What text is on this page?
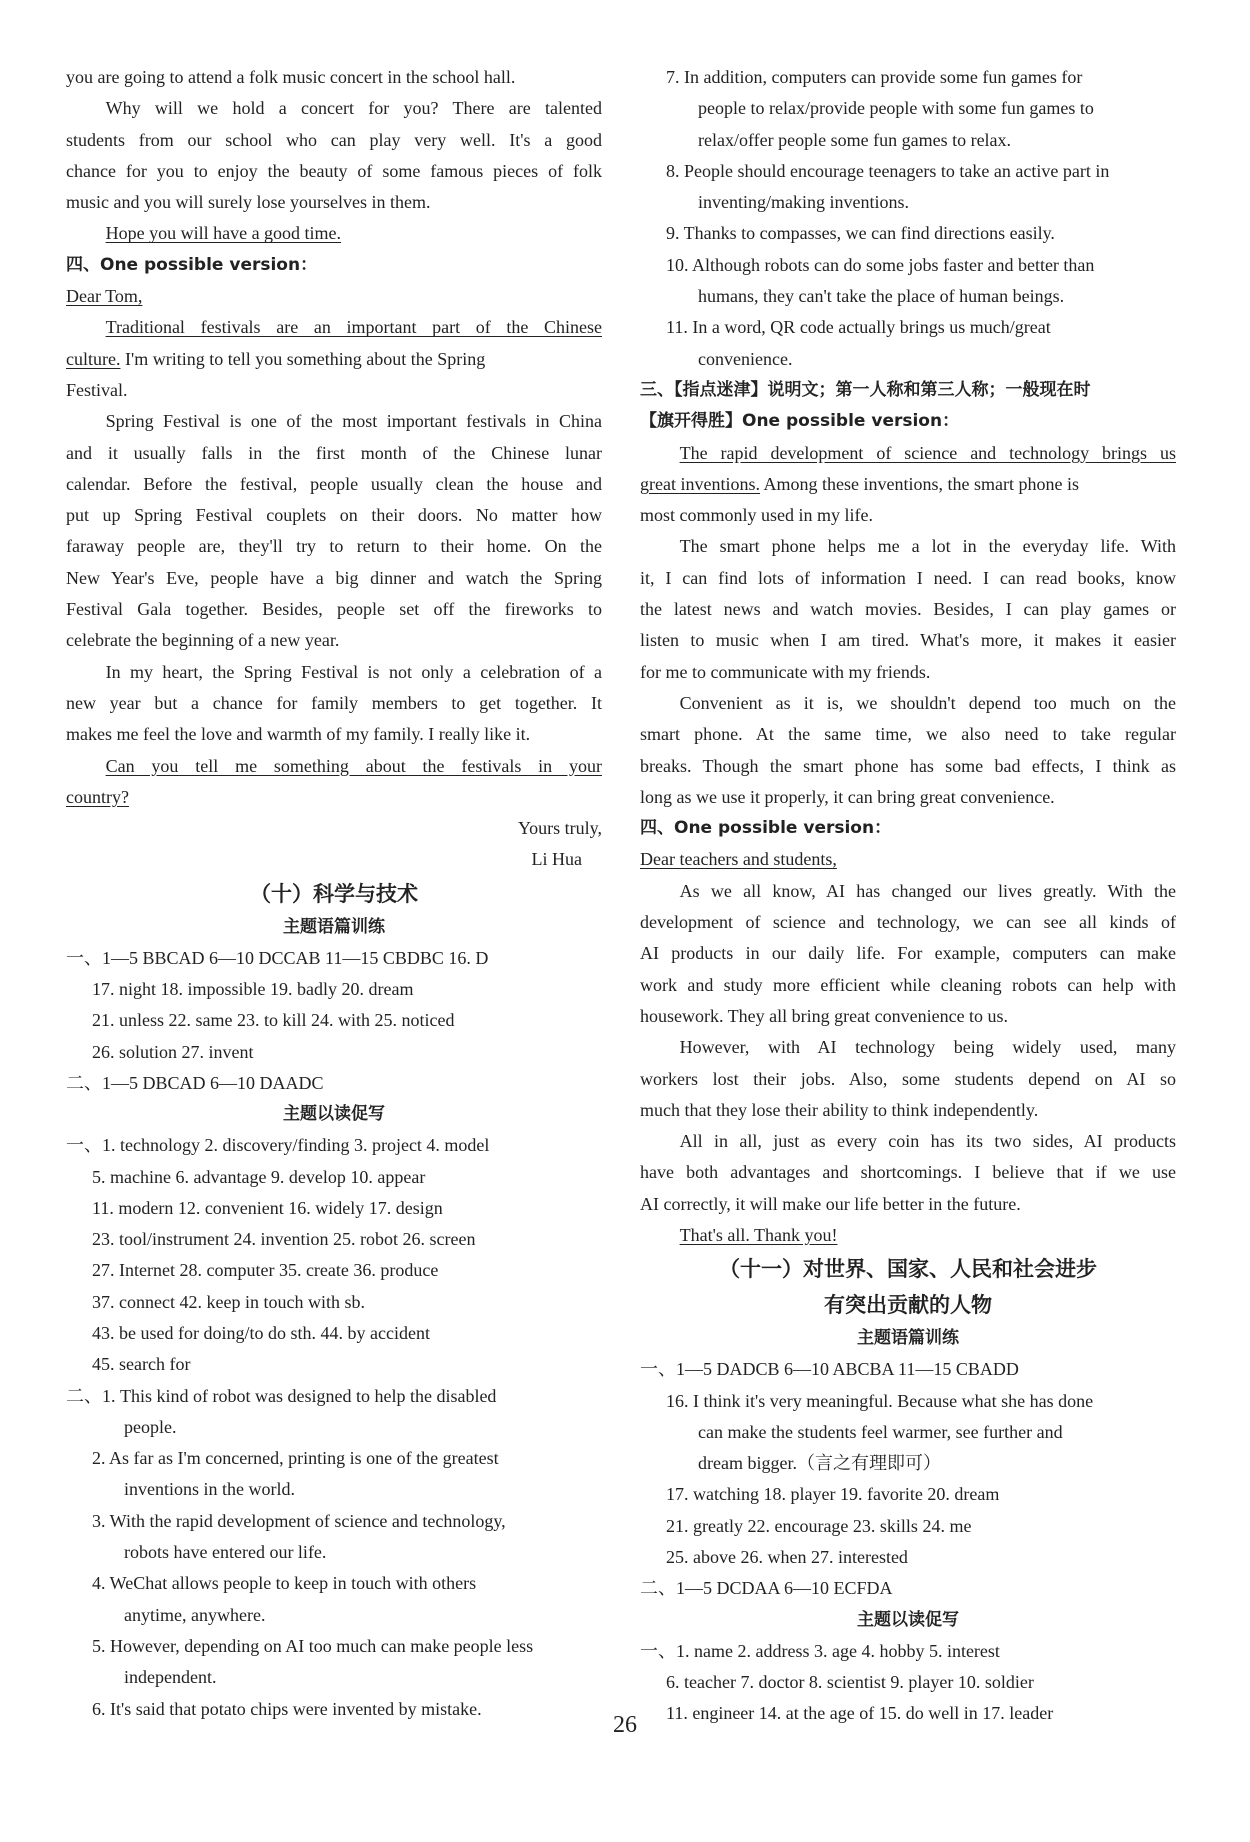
you are going to attend a folk music concert in the school hall.
Why will we hold a concert for you? There are talented
students from our school who can play very well. It's a good
chance for you to enjoy the beauty of some famous pieces of folk
music and you will surely lose yourselves in them.
Hope you will have a good time.
四、One possible version：
Dear Tom,
Traditional festivals are an important part of the Chinese
culture. I'm writing to tell you something about the Spring
Festival.
Spring Festival is one of the most important festivals in China
and it usually falls in the first month of the Chinese lunar
calendar. Before the festival, people usually clean the house and
put up Spring Festival couplets on their doors. No matter how
faraway people are, they'll try to return to their home. On the
New Year's Eve, people have a big dinner and watch the Spring
Festival Gala together. Besides, people set off the fireworks to
celebrate the beginning of a new year.
In my heart, the Spring Festival is not only a celebration of a
new year but a chance for family members to get together. It
makes me feel the love and warmth of my family. I really like it.
Can you tell me something about the festivals in your
country?
Yours truly,
Li Hua
（十）科学与技术
主题语篇训练
一、1—5 BBCAD 6—10 DCCAB 11—15 CBDBC 16. D
17. night 18. impossible 19. badly 20. dream
21. unless 22. same 23. to kill 24. with 25. noticed
26. solution 27. invent
二、1—5 DBCAD 6—10 DAADC
主题以读促写
一、1. technology 2. discovery/finding 3. project 4. model
5. machine 6. advantage 9. develop 10. appear
11. modern 12. convenient 16. widely 17. design
23. tool/instrument 24. invention 25. robot 26. screen
27. Internet 28. computer 35. create 36. produce
37. connect 42. keep in touch with sb.
43. be used for doing/to do sth. 44. by accident
45. search for
二、1. This kind of robot was designed to help the disabled
people.
2. As far as I'm concerned, printing is one of the greatest
inventions in the world.
3. With the rapid development of science and technology,
robots have entered our life.
4. WeChat allows people to keep in touch with others
anytime, anywhere.
5. However, depending on AI too much can make people less
independent.
6. It's said that potato chips were invented by mistake.
7. In addition, computers can provide some fun games for
people to relax/provide people with some fun games to
relax/offer people some fun games to relax.
8. People should encourage teenagers to take an active part in
inventing/making inventions.
9. Thanks to compasses, we can find directions easily.
10. Although robots can do some jobs faster and better than
humans, they can't take the place of human beings.
11. In a word, QR code actually brings us much/great
convenience.
三、【指点迷津】说明文；第一人称和第三人称；一般现在时
【旗开得胜】One possible version：
The rapid development of science and technology brings us
great inventions. Among these inventions, the smart phone is
most commonly used in my life.
The smart phone helps me a lot in the everyday life. With
it, I can find lots of information I need. I can read books, know
the latest news and watch movies. Besides, I can play games or
listen to music when I am tired. What's more, it makes it easier
for me to communicate with my friends.
Convenient as it is, we shouldn't depend too much on the
smart phone. At the same time, we also need to take regular
breaks. Though the smart phone has some bad effects, I think as
long as we use it properly, it can bring great convenience.
四、One possible version：
Dear teachers and students,
As we all know, AI has changed our lives greatly. With the
development of science and technology, we can see all kinds of
AI products in our daily life. For example, computers can make
work and study more efficient while cleaning robots can help with
housework. They all bring great convenience to us.
However, with AI technology being widely used, many
workers lost their jobs. Also, some students depend on AI so
much that they lose their ability to think independently.
All in all, just as every coin has its two sides, AI products
have both advantages and shortcomings. I believe that if we use
AI correctly, it will make our life better in the future.
That's all. Thank you!
（十一）对世界、国家、人民和社会进步
有突出贡献的人物
主题语篇训练
一、1—5 DADCB 6—10 ABCBA 11—15 CBADD
16. I think it's very meaningful. Because what she has done
can make the students feel warmer, see further and
dream bigger.（言之有理即可）
17. watching 18. player 19. favorite 20. dream
21. greatly 22. encourage 23. skills 24. me
25. above 26. when 27. interested
二、1—5 DCDAA 6—10 ECFDA
主题以读促写
一、1. name 2. address 3. age 4. hobby 5. interest
6. teacher 7. doctor 8. scientist 9. player 10. soldier
11. engineer 14. at the age of 15. do well in 17. leader
26
